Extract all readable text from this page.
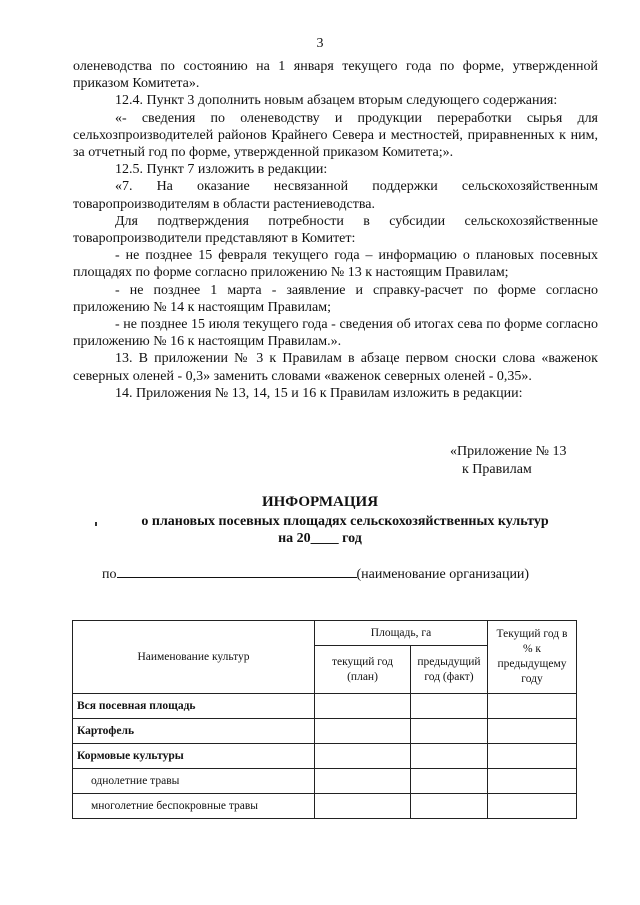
3

оленеводства по состоянию на 1 января текущего года по форме, утвержденной приказом Комитета».

12.4. Пункт 3 дополнить новым абзацем вторым следующего содержания:

«- сведения по оленеводству и продукции переработки сырья для сельхозпроизводителей районов Крайнего Севера и местностей, приравненных к ним, за отчетный год по форме, утвержденной приказом Комитета;».

12.5. Пункт 7 изложить в редакции:

«7. На оказание несвязанной поддержки сельскохозяйственным товаропроизводителям в области растениеводства.

Для подтверждения потребности в субсидии сельскохозяйственные товаропроизводители представляют в Комитет:

- не позднее 15 февраля текущего года – информацию о плановых посевных площадях по форме согласно приложению № 13 к настоящим Правилам;

- не позднее 1 марта - заявление и справку-расчет по форме согласно приложению № 14 к настоящим Правилам;

- не позднее 15 июля текущего года - сведения об итогах сева по форме согласно приложению № 16 к настоящим Правилам.».

13. В приложении № 3 к Правилам в абзаце первом сноски слова «важенок северных оленей - 0,3» заменить словами «важенок северных оленей - 0,35».

14. Приложения № 13, 14, 15 и 16 к Правилам изложить в редакции:

«Приложение № 13
к Правилам
ИНФОРМАЦИЯ
о плановых посевных площадях сельскохозяйственных культур
на 20____ год
по	(наименование организации)
Наименование культур	Площадь, га		Текущий год в % к предыдущему году
	текущий год (план)	предыдущий год (факт)	
Вся посевная площадь			
Картофель			
Кормовые культуры			
однолетние травы			
многолетние беспокровные травы			
